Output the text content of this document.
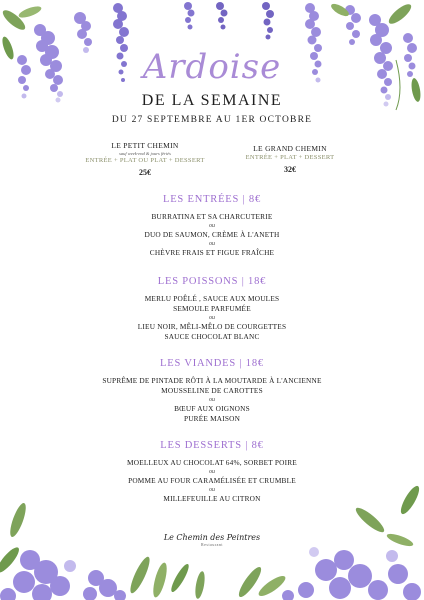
Ardoise
DE LA SEMAINE
DU 27 SEPTEMBRE AU 1ER OCTOBRE
LE PETIT CHEMIN
sauf week-end & jours fériés
ENTRÉE + PLAT OU PLAT + DESSERT
25€
LE GRAND CHEMIN
ENTRÉE + PLAT + DESSERT
32€
LES ENTRÉES | 8€
BURRATINA ET SA CHARCUTERIE
ou
DUO DE SAUMON, CRÈME À L'ANETH
ou
CHÈVRE FRAIS ET FIGUE FRAÎCHE
LES POISSONS | 18€
MERLU POÊLÉ , SAUCE AUX MOULES
SEMOULE PARFUMÉE
ou
LIEU NOIR, MÊLI-MÊLO DE COURGETTES
SAUCE CHOCOLAT BLANC
LES VIANDES | 18€
SUPRÊME DE PINTADE RÔTI À LA MOUTARDE À L'ANCIENNE
MOUSSELINE DE CAROTTES
ou
BŒUF AUX OIGNONS
PURÉE MAISON
LES DESSERTS | 8€
MOELLEUX AU CHOCOLAT 64%, SORBET POIRE
ou
POMME AU FOUR CARAMÉLISÉE ET CRUMBLE
ou
MILLEFEUILLE AU CITRON
Le Chemin des Peintres
Restaurant
